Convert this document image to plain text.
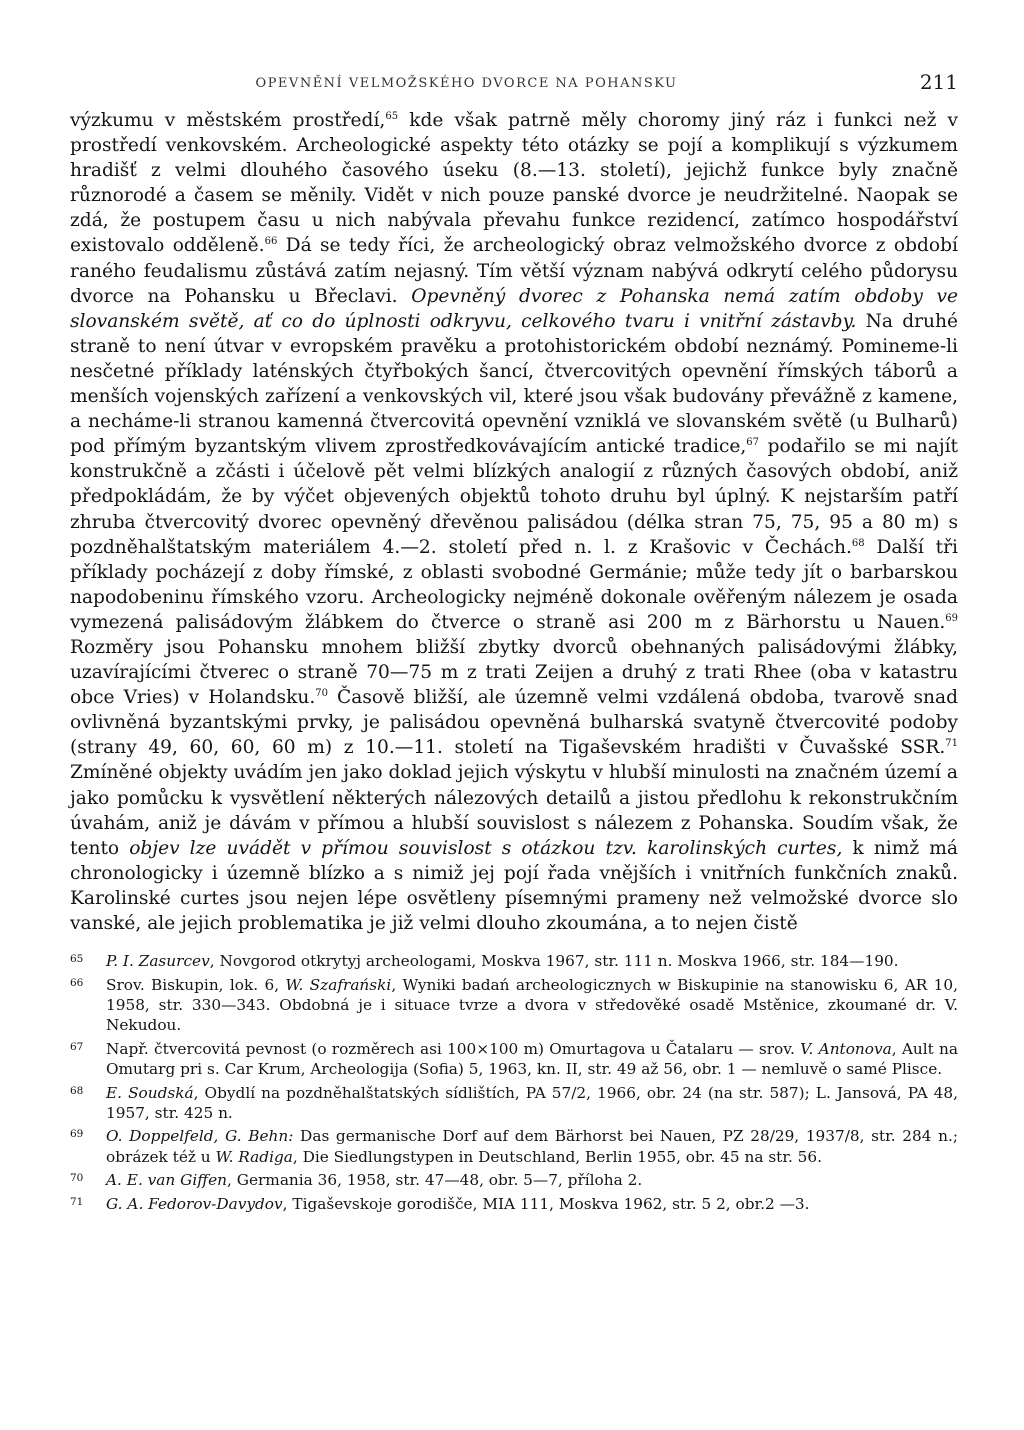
OPEVNĚNÍ VELMOŽSKÉHO DVORCE NA POHANSKU	211

výzkumu v městském prostředí,$^{65}$ kde však patrně měly choromy jiný ráz i funkci než v prostředí venkovském. Archeologické aspekty této otázky se pojí a komplikují s výzkumem hradišť z velmi dlouhého časového úseku (8.—13. století), jejichž funkce byly značně různorodé a časem se měnily. Vidět v nich pouze panské dvorce je neudržitelné. Naopak se zdá, že postupem času u nich nabývala převahu funkce rezidencí, zatímco hospodářství existovalo odděleně.$^{66}$ Dá se tedy říci, že archeologický obraz velmožského dvorce z období raného feudalismu zůstává zatím nejasný. Tím větší význam nabývá odkrytí celého půdorysu dvorce na Pohansku u Břeclavi. Opevněný dvorec z Pohanska nemá zatím obdoby ve slovanském světě, ať co do úplnosti odkryvu, celkového tvaru i vnitřní zástavby. Na druhé straně to není útvar v evropském pravěku a protohistorickém období neznámý. Pomineme-li nesčetné příklady laténských čtyřbokých šancí, čtvercovitých opevnění římských táborů a menších vojenských zařízení a venkovských vil, které jsou však budovány převážně z kamene, a necháme-li stranou kamenná čtvercovitá opevnění vzniklá ve slovanském světě (u Bulharů) pod přímým byzantským vlivem zprostředkovávajícím antické tradice,$^{67}$ podařilo se mi najít konstrukčně a zčásti i účelově pět velmi blízkých analogií z různých časových období, aniž předpokládám, že by výčet objevených objektů tohoto druhu byl úplný. K nejstarším patří zhruba čtvercovitý dvorec opevněný dřevěnou palisádou (délka stran 75, 75, 95 a 80 m) s pozdněhalštatským materiálem 4.—2. století před n. l. z Krašovic v Čechách.$^{68}$ Další tři příklady pocházejí z doby římské, z oblasti svobodné Germánie; může tedy jít o barbarskou napodobeninu římského vzoru. Archeologicky nejméně dokonale ověřeným nálezem je osada vymezená palisádovým žlábkem do čtverce o straně asi 200 m z Bärhorstu u Nauen.$^{69}$ Rozměry jsou Pohansku mnohem bližší zbytky dvorců obehnaných palisádovými žlábky, uzavírajícími čtverec o straně 70—75 m z trati Zeijen a druhý z trati Rhee (oba v katastru obce Vries) v Holandsku.$^{70}$ Časově bližší, ale územně velmi vzdálená obdoba, tvarově snad ovlivněná byzantskými prvky, je palisádou opevněná bulharská svatyně čtvercovité podoby (strany 49, 60, 60, 60 m) z 10.—11. století na Tigaševském hradišti v Čuvašské SSR.$^{71}$ Zmíněné objekty uvádím jen jako doklad jejich výskytu v hlubší minulosti na značném území a jako pomůcku k vysvětlení některých nálezových detailů a jistou předlohu k rekonstrukčním úvahám, aniž je dávám v přímou a hlubší souvislost s nálezem z Pohanska. Soudím však, že tento objev lze uvádět v přímou souvislost s otázkou tzv. karolinských curtes, k nimž má chronologicky i územně blízko a s nimiž jej pojí řada vnějších i vnitřních funkčních znaků. Karolinské curtes jsou nejen lépe osvětleny písemnými prameny než velmožské dvorce slo vanské, ale jejich problematika je již velmi dlouho zkoumána, a to nejen čistě

65 P. I. Zasurcev, Novgorod otkrytyj archeologami, Moskva 1967, str. 111 n. Moskva 1966, str. 184—190.

66 Srov. Biskupin, lok. 6, W. Szafrański, Wyniki badań archeologicznych w Biskupinie na stanowisku 6, AR 10, 1958, str. 330—343. Obdobná je i situace tvrze a dvora v středověké osadě Mstěnice, zkoumané dr. V. Nekudou.

67 Např. čtvercovitá pevnost (o rozměrech asi 100×100 m) Omurtagova u Čatalaru — srov. V. Antonova, Ault na Omutarg pri s. Car Krum, Archeologija (Sofia) 5, 1963, kn. II, str. 49 až 56, obr. 1 — nemluvě o samé Plisce.

68 E. Soudská, Obydlí na pozdněhalštatských sídlištích, PA 57/2, 1966, obr. 24 (na str. 587); L. Jansová, PA 48, 1957, str. 425 n.

69 O. Doppelfeld, G. Behn: Das germanische Dorf auf dem Bärhorst bei Nauen, PZ 28/29, 1937/8, str. 284 n.; obrázek též u W. Radiga, Die Siedlungstypen in Deutschland, Berlin 1955, obr. 45 na str. 56.

70 A. E. van Giffen, Germania 36, 1958, str. 47—48, obr. 5—7, příloha 2.

71 G. A. Fedorov-Davydov, Tigaševskoje gorodišče, MIA 111, Moskva 1962, str. 5 2, obr.2 —3.
